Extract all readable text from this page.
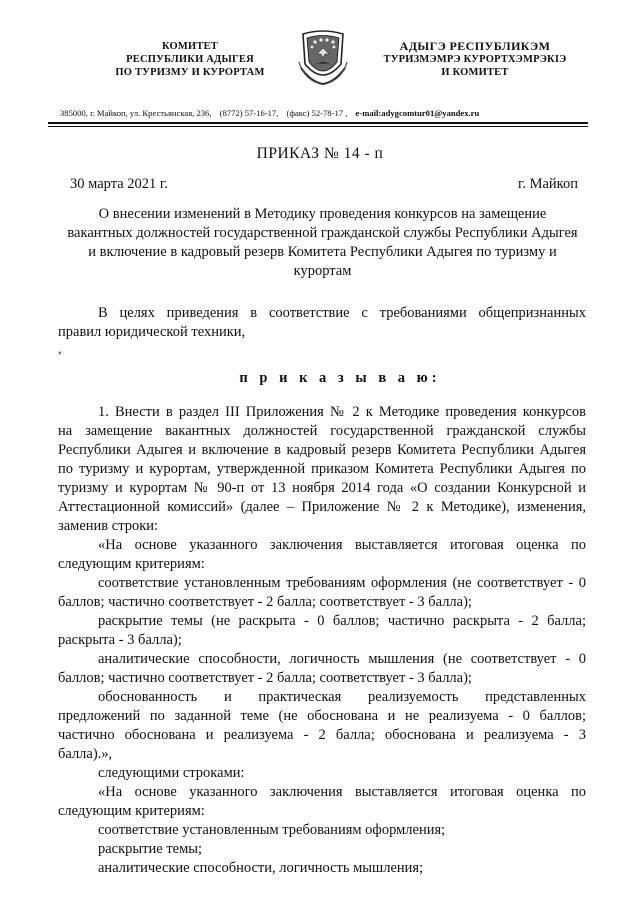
КОМИТЕТ
РЕСПУБЛИКИ АДЫГЕЯ
ПО ТУРИЗМУ И КУРОРТАМ
АДЫГЭ РЕСПУБЛИКЭМ
ТУРИЗМЭМРЭ КУРОРТХЭМРЭКIЭ
И КОМИТЕТ
385000, г. Майкоп, ул. Крестьянская, 236, (8772) 57-16-17, (факс) 52-78-17 , e-mail:adygcomtur01@yandex.ru
ПРИКАЗ № 14 - п
30 марта 2021 г.	г. Майкоп
О внесении изменений в Методику проведения конкурсов на замещение
вакантных должностей государственной гражданской службы Республики Адыгея
и включение в кадровый резерв Комитета Республики Адыгея по туризму и
курортам
В целях приведения в соответствие с требованиями общепризнанных
правил юридической техники,
,
п р и к а з ы в а ю:
1. Внести в раздел III Приложения № 2 к Методике проведения конкурсов
на замещение вакантных должностей государственной гражданской службы
Республики Адыгея и включение в кадровый резерв Комитета Республики Адыгея
по туризму и курортам, утвержденной приказом Комитета Республики Адыгея по
туризму и курортам № 90-п от 13 ноября 2014 года «О создании Конкурсной и
Аттестационной комиссий» (далее – Приложение № 2 к Методике), изменения,
заменив строки:
«На основе указанного заключения выставляется итоговая оценка по
следующим критериям:
соответствие установленным требованиям оформления (не соответствует - 0
баллов; частично соответствует - 2 балла; соответствует - 3 балла);
раскрытие темы (не раскрыта - 0 баллов; частично раскрыта - 2 балла;
раскрыта - 3 балла);
аналитические способности, логичность мышления (не соответствует - 0
баллов; частично соответствует - 2 балла; соответствует - 3 балла);
обоснованность и практическая реализуемость представленных
предложений по заданной теме (не обоснована и не реализуема - 0 баллов;
частично обоснована и реализуема - 2 балла; обоснована и реализуема - 3
балла).»,
следующими строками:
«На основе указанного заключения выставляется итоговая оценка по
следующим критериям:
соответствие установленным требованиям оформления;
раскрытие темы;
аналитические способности, логичность мышления;
